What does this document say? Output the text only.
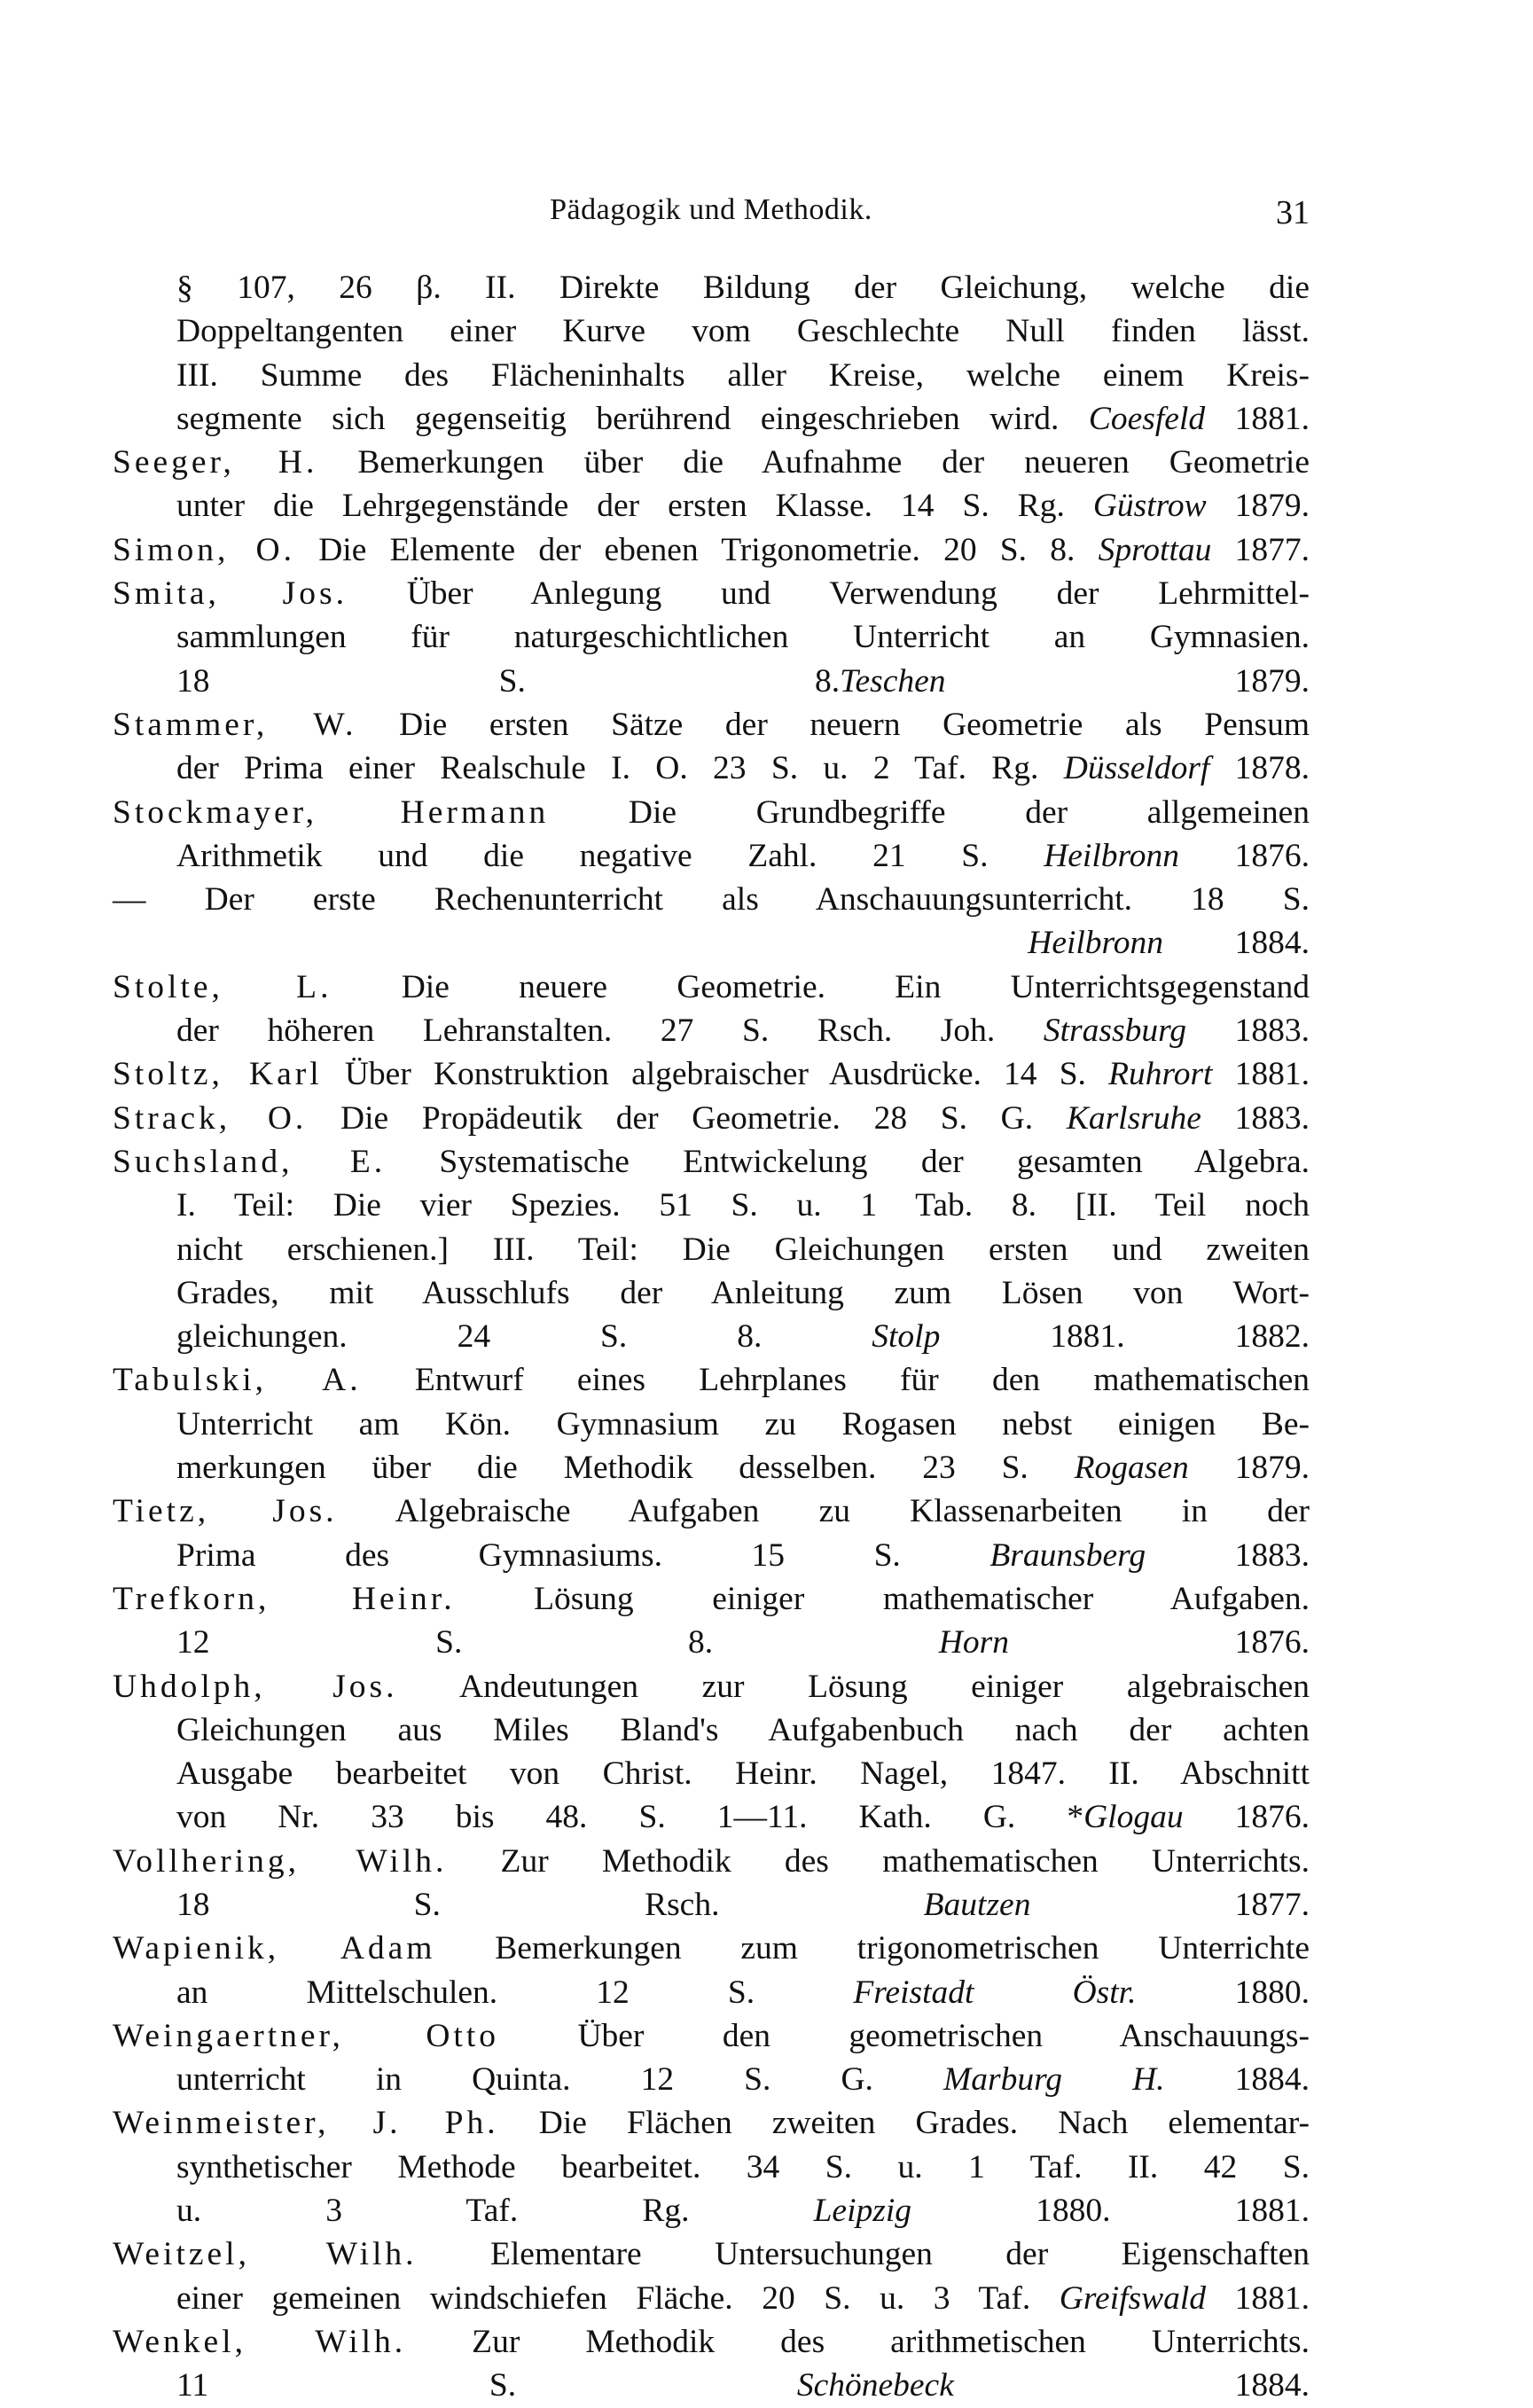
Pädagogik und Methodik.	31
§ 107, 26 β. II. Direkte Bildung der Gleichung, welche die
Doppeltangenten einer Kurve vom Geschlechte Null finden lässt.
III. Summe des Flächeninhalts aller Kreise, welche einem Kreis-
segmente sich gegenseitig berührend eingeschrieben wird. Coesfeld 1881.
Seeger, H. Bemerkungen über die Aufnahme der neueren Geometrie
unter die Lehrgegenstände der ersten Klasse. 14 S. Rg. Güstrow 1879.
Simon, O. Die Elemente der ebenen Trigonometrie. 20 S. 8. Sprottau 1877.
Smita, Jos. Über Anlegung und Verwendung der Lehrmittel-
sammlungen für naturgeschichtlichen Unterricht an Gymnasien.
18 S. 8.Teschen 1879.
Stammer, W. Die ersten Sätze der neuern Geometrie als Pensum
der Prima einer Realschule I. O. 23 S. u. 2 Taf. Rg. Düsseldorf 1878.
Stockmayer, Hermann Die Grundbegriffe der allgemeinen
Arithmetik und die negative Zahl. 21 S. Heilbronn 1876.
— Der erste Rechenunterricht als Anschauungsunterricht. 18 S.
Heilbronn 1884.
Stolte, L. Die neuere Geometrie. Ein Unterrichtsgegenstand
der höheren Lehranstalten. 27 S. Rsch. Joh. Strassburg 1883.
Stoltz, Karl Über Konstruktion algebraischer Ausdrücke. 14 S. Ruhrort 1881.
Strack, O. Die Propädeutik der Geometrie. 28 S. G. Karlsruhe 1883.
Suchsland, E. Systematische Entwickelung der gesamten Algebra.
I. Teil: Die vier Spezies. 51 S. u. 1 Tab. 8. [II. Teil noch
nicht erschienen.] III. Teil: Die Gleichungen ersten und zweiten
Grades, mit Ausschlufs der Anleitung zum Lösen von Wort-
gleichungen. 24 S. 8. Stolp 1881. 1882.
Tabulski, A. Entwurf eines Lehrplanes für den mathematischen
Unterricht am Kön. Gymnasium zu Rogasen nebst einigen Be-
merkungen über die Methodik desselben. 23 S. Rogasen 1879.
Tietz, Jos. Algebraische Aufgaben zu Klassenarbeiten in der
Prima des Gymnasiums. 15 S. Braunsberg 1883.
Trefkorn, Heinr. Lösung einiger mathematischer Aufgaben.
12 S. 8. Horn 1876.
Uhdolph, Jos. Andeutungen zur Lösung einiger algebraischen
Gleichungen aus Miles Bland's Aufgabenbuch nach der achten
Ausgabe bearbeitet von Christ. Heinr. Nagel, 1847. II. Abschnitt
von Nr. 33 bis 48. S. 1—11. Kath. G. *Glogau 1876.
Vollhering, Wilh. Zur Methodik des mathematischen Unterrichts.
18 S. Rsch. Bautzen 1877.
Wapienik, Adam Bemerkungen zum trigonometrischen Unterrichte
an Mittelschulen. 12 S. Freistadt Östr. 1880.
Weingaertner, Otto Über den geometrischen Anschauungs-
unterricht in Quinta. 12 S. G. Marburg H. 1884.
Weinmeister, J. Ph. Die Flächen zweiten Grades. Nach elementar-
synthetischer Methode bearbeitet. 34 S. u. 1 Taf. II. 42 S.
u. 3 Taf. Rg. Leipzig 1880. 1881.
Weitzel, Wilh. Elementare Untersuchungen der Eigenschaften
einer gemeinen windschiefen Fläche. 20 S. u. 3 Taf. Greifswald 1881.
Wenkel, Wilh. Zur Methodik des arithmetischen Unterrichts.
11 S. Schönebeck 1884.
